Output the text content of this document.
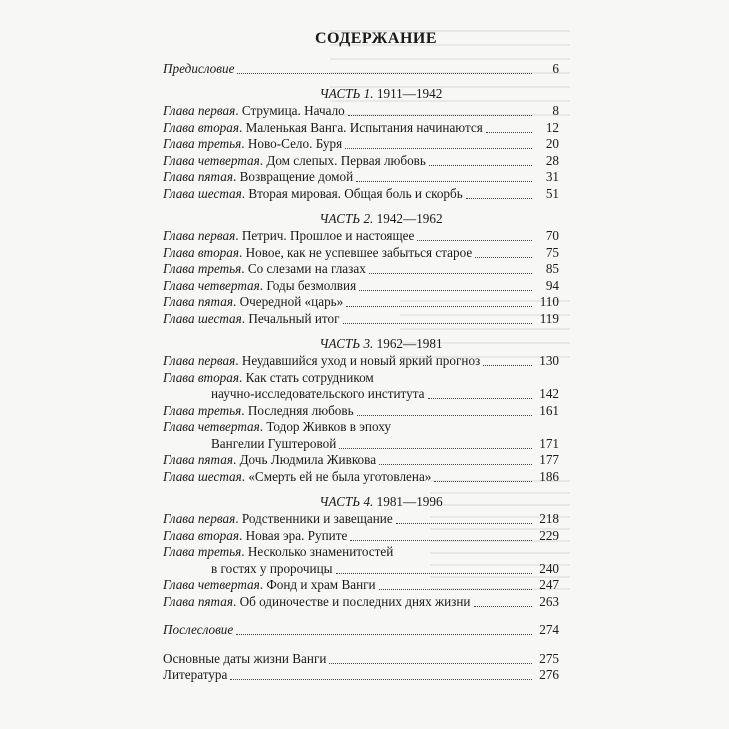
СОДЕРЖАНИЕ
Предисловие	6
ЧАСТЬ 1. 1911—1942
Глава первая. Струмица. Начало	8
Глава вторая. Маленькая Ванга. Испытания начинаются	12
Глава третья. Ново-Село. Буря	20
Глава четвертая. Дом слепых. Первая любовь	28
Глава пятая. Возвращение домой	31
Глава шестая. Вторая мировая. Общая боль и скорбь	51
ЧАСТЬ 2. 1942—1962
Глава первая. Петрич. Прошлое и настоящее	70
Глава вторая. Новое, как не успевшее забыться старое	75
Глава третья. Со слезами на глазах	85
Глава четвертая. Годы безмолвия	94
Глава пятая. Очередной «царь»	110
Глава шестая. Печальный итог	119
ЧАСТЬ 3. 1962—1981
Глава первая. Неудавшийся уход и новый яркий прогноз	130
Глава вторая. Как стать сотрудником
научно-исследовательского института	142
Глава третья. Последняя любовь	161
Глава четвертая. Тодор Живков в эпоху
Вангелии Гуштеровой	171
Глава пятая. Дочь Людмила Живкова	177
Глава шестая. «Смерть ей не была уготовлена»	186
ЧАСТЬ 4. 1981—1996
Глава первая. Родственники и завещание	218
Глава вторая. Новая эра. Рупите	229
Глава третья. Несколько знаменитостей
в гостях у пророчицы	240
Глава четвертая. Фонд и храм Ванги	247
Глава пятая. Об одиночестве и последних днях жизни	263
Послесловие	274
Основные даты жизни Ванги	275
Литература	276
